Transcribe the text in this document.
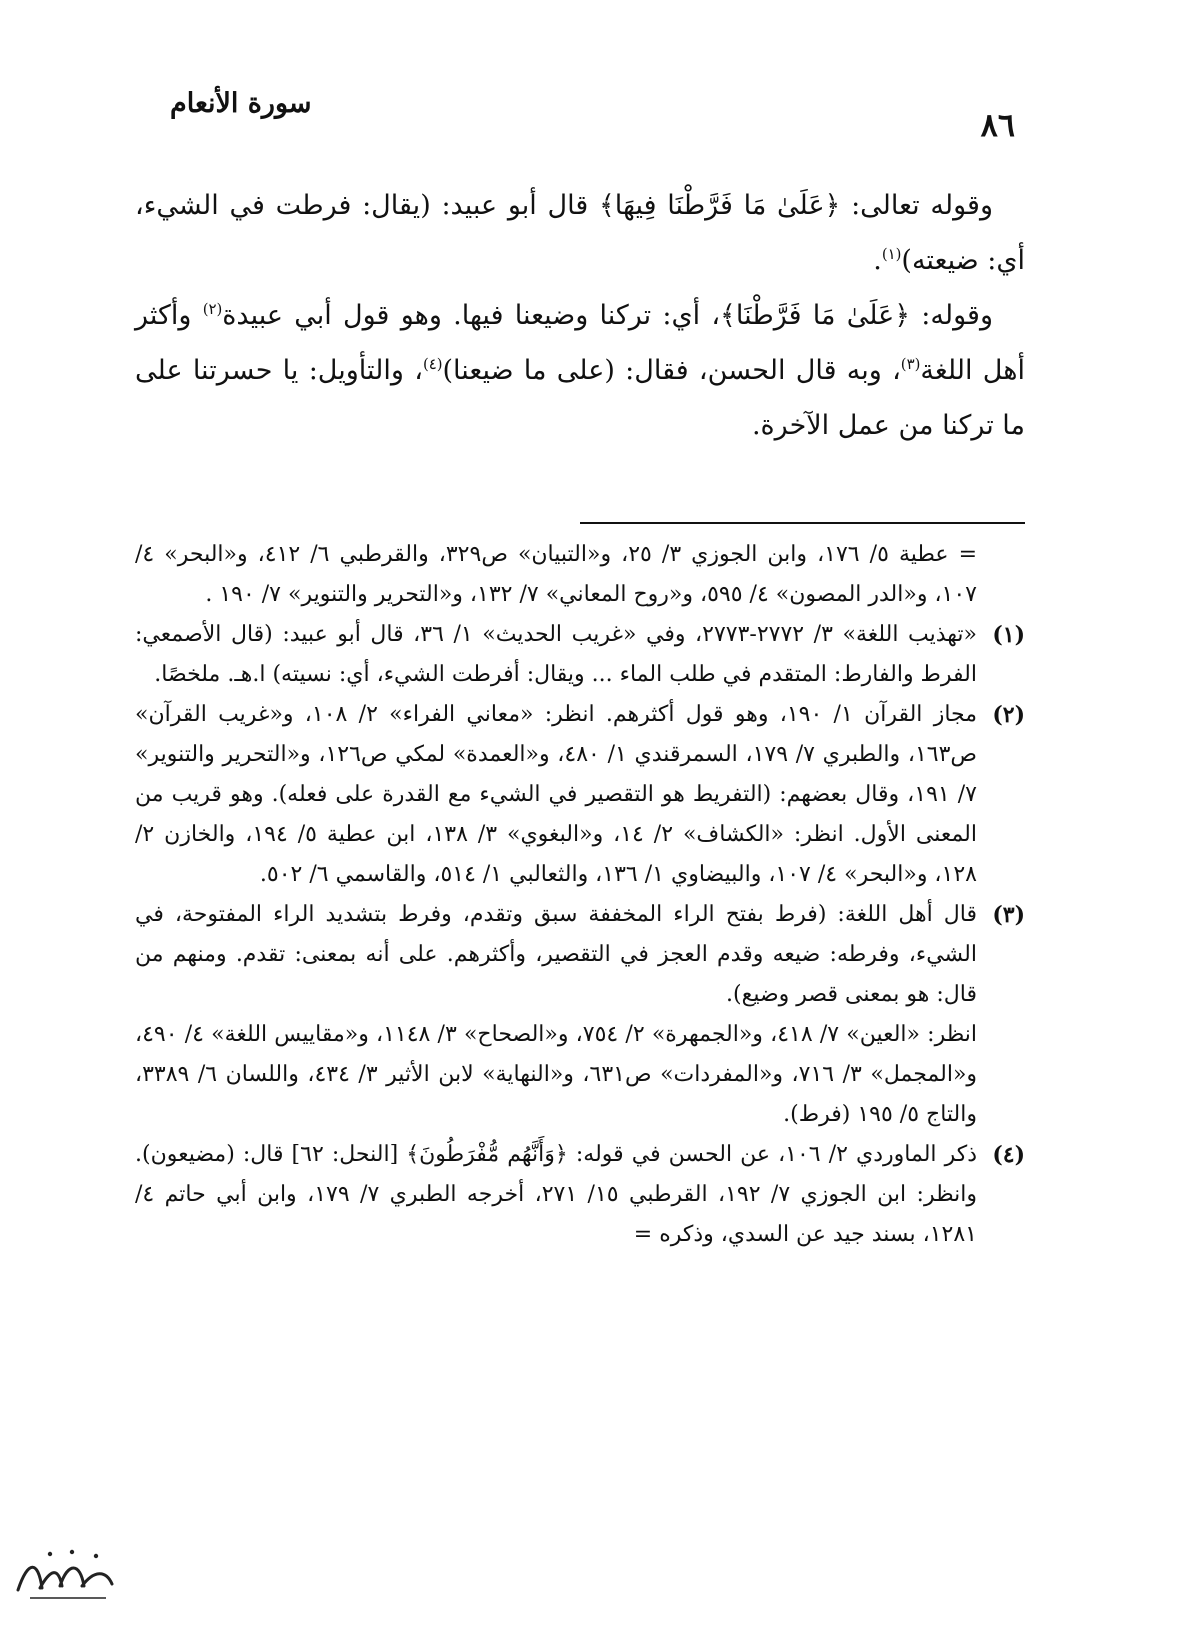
٨٦
سورة الأنعام

وقوله تعالى: ﴿عَلَىٰ مَا فَرَّطْنَا فِيهَا﴾ قال أبو عبيد: (يقال: فرطت في الشيء، أي: ضيعته)$^{(١)}$.

وقوله: ﴿عَلَىٰ مَا فَرَّطْنَا﴾، أي: تركنا وضيعنا فيها. وهو قول أبي عبيدة$^{(٢)}$ وأكثر أهل اللغة$^{(٣)}$، وبه قال الحسن، فقال: (على ما ضيعنا)$^{(٤)}$، والتأويل: يا حسرتنا على ما تركنا من عمل الآخرة.

= عطية ٥/ ١٧٦، وابن الجوزي ٣/ ٢٥، و«التبيان» ص٣٢٩، والقرطبي ٦/ ٤١٢، و«البحر» ٤/ ١٠٧، و«الدر المصون» ٤/ ٥٩٥، و«روح المعاني» ٧/ ١٣٢، و«التحرير والتنوير» ٧/ ١٩٠ .

(١)

«تهذيب اللغة» ٣/ ٢٧٧٢-٢٧٧٣، وفي «غريب الحديث» ١/ ٣٦، قال أبو عبيد: (قال الأصمعي: الفرط والفارط: المتقدم في طلب الماء ... ويقال: أفرطت الشيء، أي: نسيته) ا.هـ. ملخصًا.

(٢)

مجاز القرآن ١/ ١٩٠، وهو قول أكثرهم. انظر: «معاني الفراء» ٢/ ١٠٨، و«غريب القرآن» ص١٦٣، والطبري ٧/ ١٧٩، السمرقندي ١/ ٤٨٠، و«العمدة» لمكي ص١٢٦، و«التحرير والتنوير» ٧/ ١٩١، وقال بعضهم: (التفريط هو التقصير في الشيء مع القدرة على فعله). وهو قريب من المعنى الأول. انظر: «الكشاف» ٢/ ١٤، و«البغوي» ٣/ ١٣٨، ابن عطية ٥/ ١٩٤، والخازن ٢/ ١٢٨، و«البحر» ٤/ ١٠٧، والبيضاوي ١/ ١٣٦، والثعالبي ١/ ٥١٤، والقاسمي ٦/ ٥٠٢.

(٣)

قال أهل اللغة: (فرط بفتح الراء المخففة سبق وتقدم، وفرط بتشديد الراء المفتوحة، في الشيء، وفرطه: ضيعه وقدم العجز في التقصير، وأكثرهم. على أنه بمعنى: تقدم. ومنهم من قال: هو بمعنى قصر وضيع).

انظر: «العين» ٧/ ٤١٨، و«الجمهرة» ٢/ ٧٥٤، و«الصحاح» ٣/ ١١٤٨، و«مقاييس اللغة» ٤/ ٤٩٠، و«المجمل» ٣/ ٧١٦، و«المفردات» ص٦٣١، و«النهاية» لابن الأثير ٣/ ٤٣٤، واللسان ٦/ ٣٣٨٩، والتاج ٥/ ١٩٥ (فرط).

(٤)

ذكر الماوردي ٢/ ١٠٦، عن الحسن في قوله: ﴿وَأَنَّهُم مُّفْرَطُونَ﴾ [النحل: ٦٢] قال: (مضيعون). وانظر: ابن الجوزي ٧/ ١٩٢، القرطبي ١٥/ ٢٧١، أخرجه الطبري ٧/ ١٧٩، وابن أبي حاتم ٤/ ١٢٨١، بسند جيد عن السدي، وذكره =
